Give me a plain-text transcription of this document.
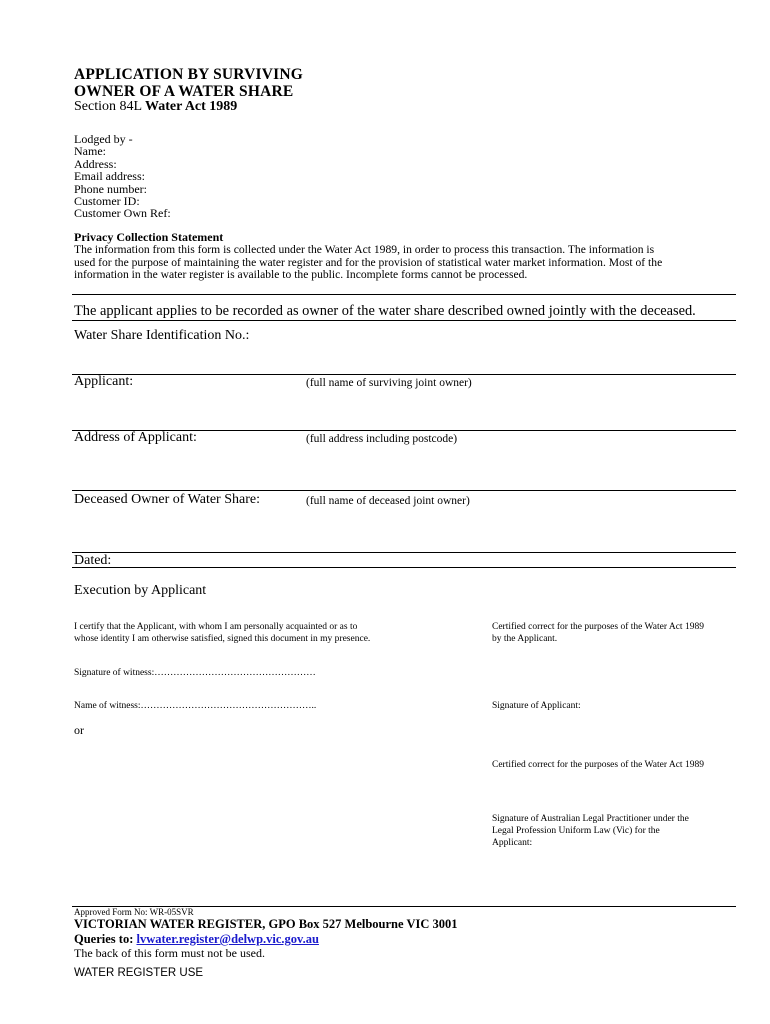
APPLICATION BY SURVIVING
OWNER OF A WATER SHARE
Section 84L Water Act 1989
Lodged by -
Name:
Address:
Email address:
Phone number:
Customer ID:
Customer Own Ref:
Privacy Collection Statement
The information from this form is collected under the Water Act 1989, in order to process this transaction. The information is
used for the purpose of maintaining the water register and for the provision of statistical water market information. Most of the
information in the water register is available to the public. Incomplete forms cannot be processed.
The applicant applies to be recorded as owner of the water share described owned jointly with the deceased.
Water Share Identification No.:
Applicant:	(full name of surviving joint owner)
Address of Applicant:	(full address including postcode)
Deceased Owner of Water Share:	(full name of deceased joint owner)
Dated:
Execution by Applicant
I certify that the Applicant, with whom I am personally acquainted or as to
whose identity I am otherwise satisfied, signed this document in my presence.
Certified correct for the purposes of the Water Act 1989
by the Applicant.
Signature of witness:……………………………………………
Name of witness:………………………………………………..	Signature of Applicant:
or
Certified correct for the purposes of the Water Act 1989
Signature of Australian Legal Practitioner under the
Legal Profession Uniform Law (Vic) for the
Applicant:
Approved Form No: WR-05SVR
VICTORIAN WATER REGISTER, GPO Box 527 Melbourne VIC 3001
Queries to: lvwater.register@delwp.vic.gov.au
The back of this form must not be used.
WATER REGISTER USE
